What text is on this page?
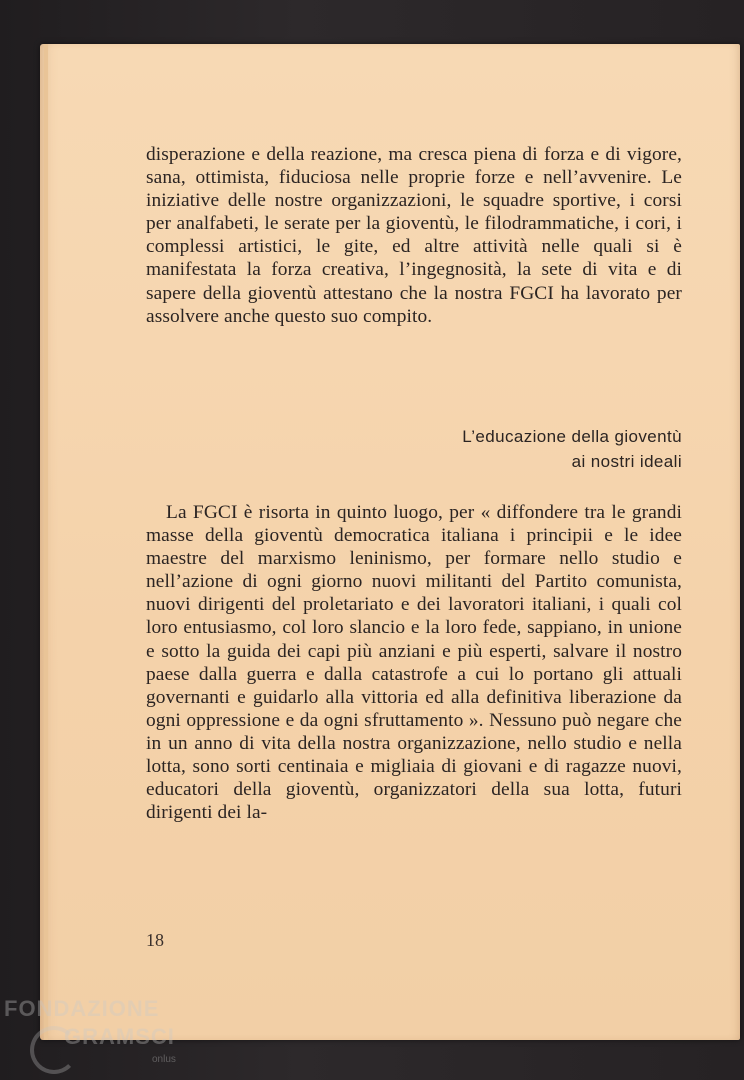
disperazione e della reazione, ma cresca piena di forza e di vigore, sana, ottimista, fiduciosa nelle proprie forze e nell’avvenire. Le iniziative delle nostre organizzazioni, le squadre sportive, i corsi per analfabeti, le serate per la gioventù, le filodrammatiche, i cori, i complessi artistici, le gite, ed altre attività nelle quali si è manifestata la forza creativa, l’ingegnosità, la sete di vita e di sapere della gioventù attestano che la nostra FGCI ha lavorato per assolvere anche questo suo compito.

L’educazione della gioventù
ai nostri ideali

La FGCI è risorta in quinto luogo, per « diffondere tra le grandi masse della gioventù democratica italiana i principii e le idee maestre del marxismo leninismo, per formare nello studio e nell’azione di ogni giorno nuovi militanti del Partito comunista, nuovi dirigenti del proletariato e dei lavoratori italiani, i quali col loro entusiasmo, col loro slancio e la loro fede, sappiano, in unione e sotto la guida dei capi più anziani e più esperti, salvare il nostro paese dalla guerra e dalla catastrofe a cui lo portano gli attuali governanti e guidarlo alla vittoria ed alla definitiva liberazione da ogni oppressione e da ogni sfruttamento ». Nessuno può negare che in un anno di vita della nostra organizzazione, nello studio e nella lotta, sono sorti centinaia e migliaia di giovani e di ragazze nuovi, educatori della gioventù, organizzatori della sua lotta, futuri dirigenti dei la-

18
FONDAZIONE
GRAMSCI
onlus
